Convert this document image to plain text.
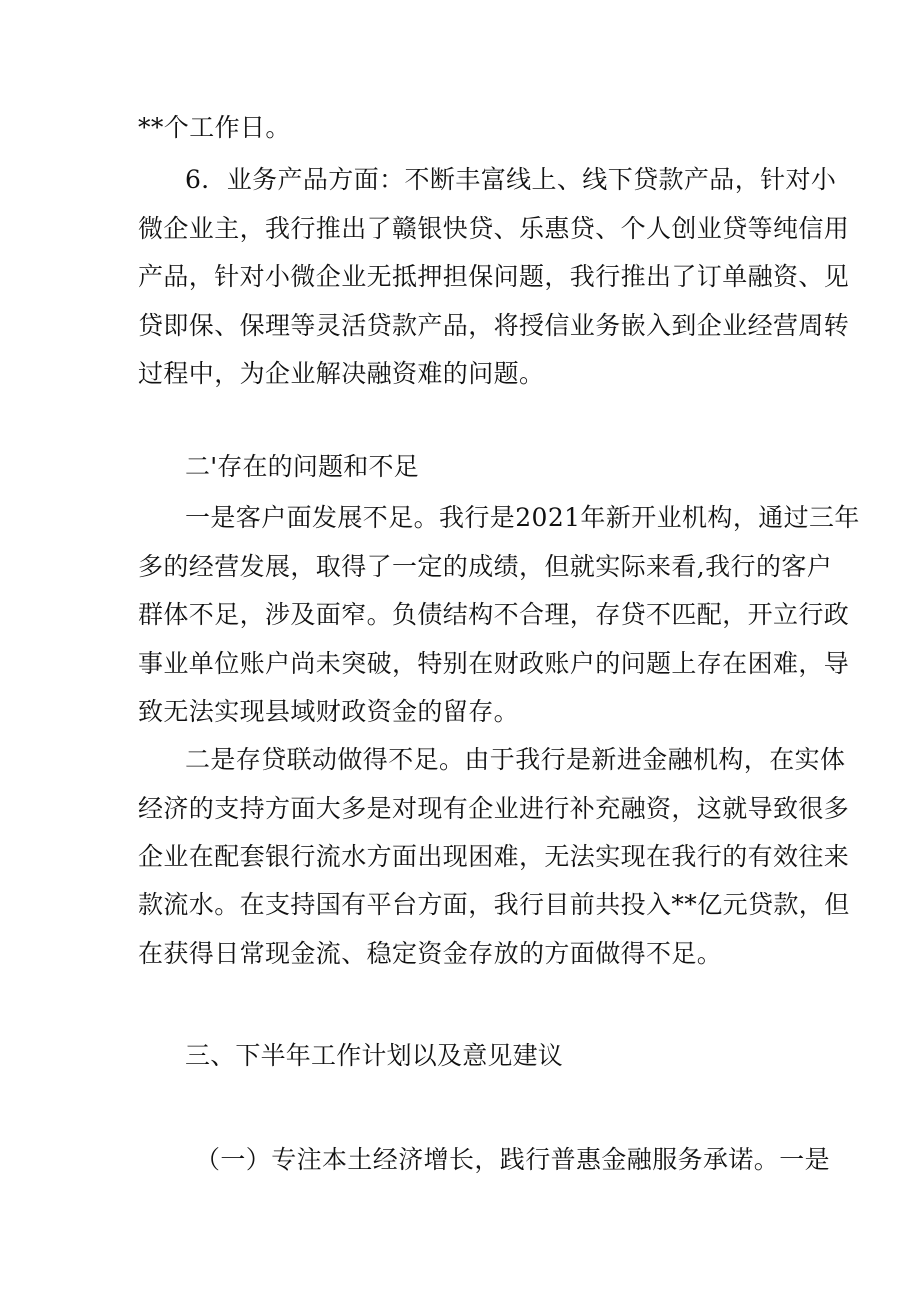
**个工作日。
6．业务产品方面：不断丰富线上、线下贷款产品，针对小
微企业主，我行推出了赣银快贷、乐惠贷、个人创业贷等纯信用
产品，针对小微企业无抵押担保问题，我行推出了订单融资、见
贷即保、保理等灵活贷款产品，将授信业务嵌入到企业经营周转
过程中，为企业解决融资难的问题。
二'存在的问题和不足
一是客户面发展不足。我行是2021年新开业机构，通过三年
多的经营发展，取得了一定的成绩，但就实际来看,我行的客户
群体不足，涉及面窄。负债结构不合理，存贷不匹配，开立行政
事业单位账户尚未突破，特别在财政账户的问题上存在困难，导
致无法实现县域财政资金的留存。
二是存贷联动做得不足。由于我行是新进金融机构，在实体
经济的支持方面大多是对现有企业进行补充融资，这就导致很多
企业在配套银行流水方面出现困难，无法实现在我行的有效往来
款流水。在支持国有平台方面，我行目前共投入**亿元贷款，但
在获得日常现金流、稳定资金存放的方面做得不足。
三、下半年工作计划以及意见建议
（一）专注本土经济增长，践行普惠金融服务承诺。一是
